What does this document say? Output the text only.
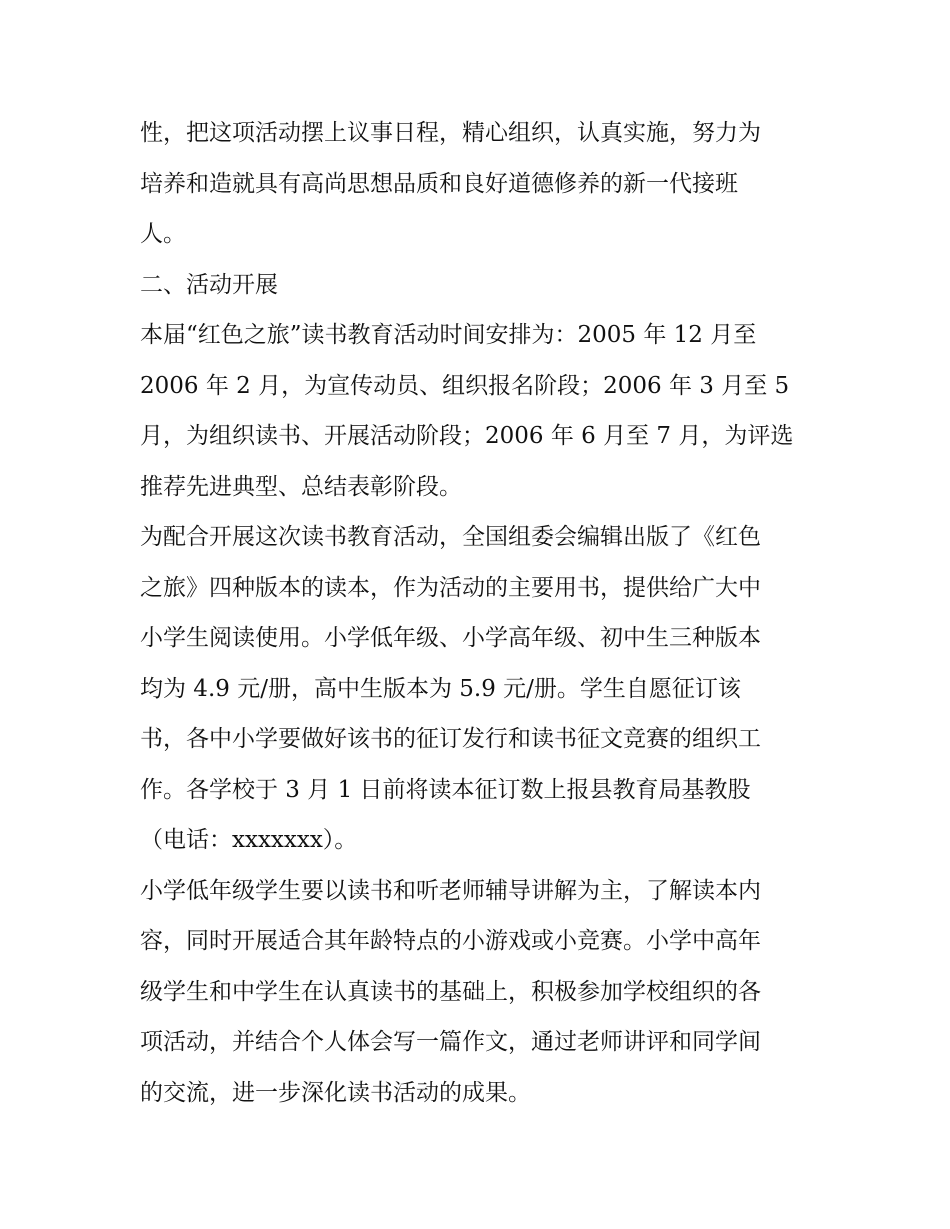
性，把这项活动摆上议事日程，精心组织，认真实施，努力为
培养和造就具有高尚思想品质和良好道德修养的新一代接班
人。
二、活动开展
本届“红色之旅”读书教育活动时间安排为：2005 年 12 月至
2006 年 2 月，为宣传动员、组织报名阶段；2006 年 3 月至 5
月，为组织读书、开展活动阶段；2006 年 6 月至 7 月，为评选
推荐先进典型、总结表彰阶段。
为配合开展这次读书教育活动，全国组委会编辑出版了《红色
之旅》四种版本的读本，作为活动的主要用书，提供给广大中
小学生阅读使用。小学低年级、小学高年级、初中生三种版本
均为 4.9 元/册，高中生版本为 5.9 元/册。学生自愿征订该
书，各中小学要做好该书的征订发行和读书征文竞赛的组织工
作。各学校于 3 月 1 日前将读本征订数上报县教育局基教股
（电话：xxxxxxx）。
小学低年级学生要以读书和听老师辅导讲解为主，了解读本内
容，同时开展适合其年龄特点的小游戏或小竞赛。小学中高年
级学生和中学生在认真读书的基础上，积极参加学校组织的各
项活动，并结合个人体会写一篇作文，通过老师讲评和同学间
的交流，进一步深化读书活动的成果。
